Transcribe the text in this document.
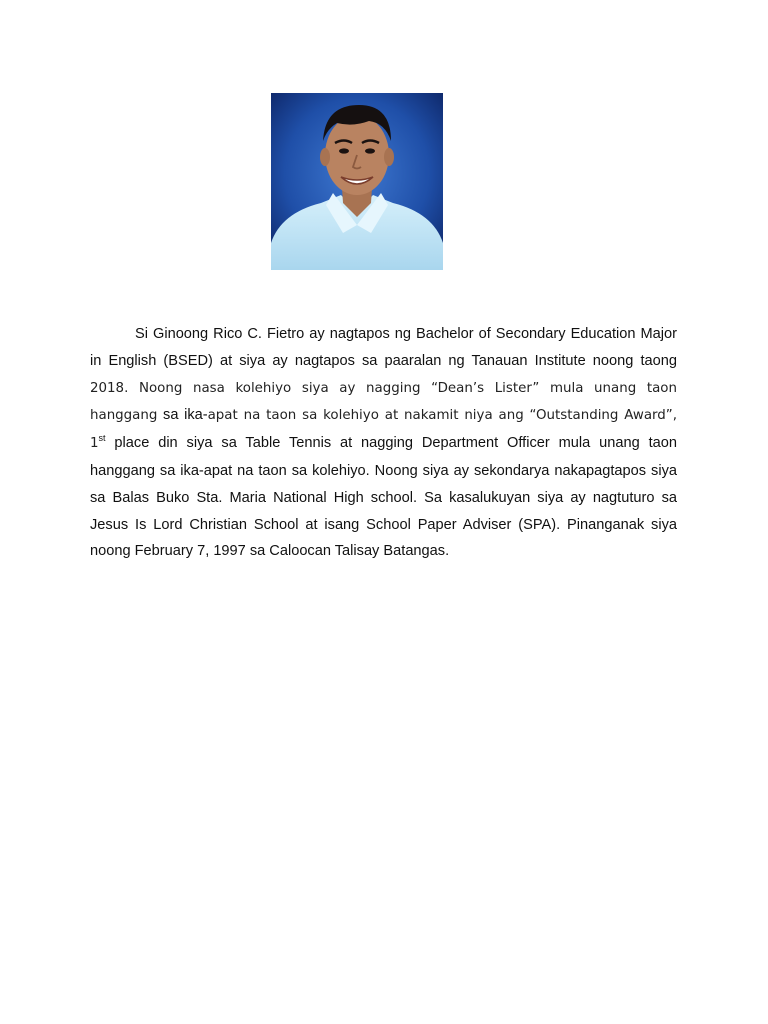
Si Ginoong Rico C. Fietro ay nagtapos ng Bachelor of Secondary Education Major in English (BSED) at siya ay nagtapos sa paaralan ng Tanauan Institute noong taong 2018. Noong nasa kolehiyo siya ay nagging “Dean’s Lister” mula unang taon hanggang sa ika-apat na taon sa kolehiyo at nakamit niya ang “Outstanding Award”, 1st place din siya sa Table Tennis at nagging Department Officer mula unang taon hanggang sa ika-apat na taon sa kolehiyo. Noong siya ay sekondarya nakapagtapos siya sa Balas Buko Sta. Maria National High school. Sa kasalukuyan siya ay nagtuturo sa Jesus Is Lord Christian School at isang School Paper Adviser (SPA). Pinanganak siya noong February 7, 1997 sa Caloocan Talisay Batangas.
